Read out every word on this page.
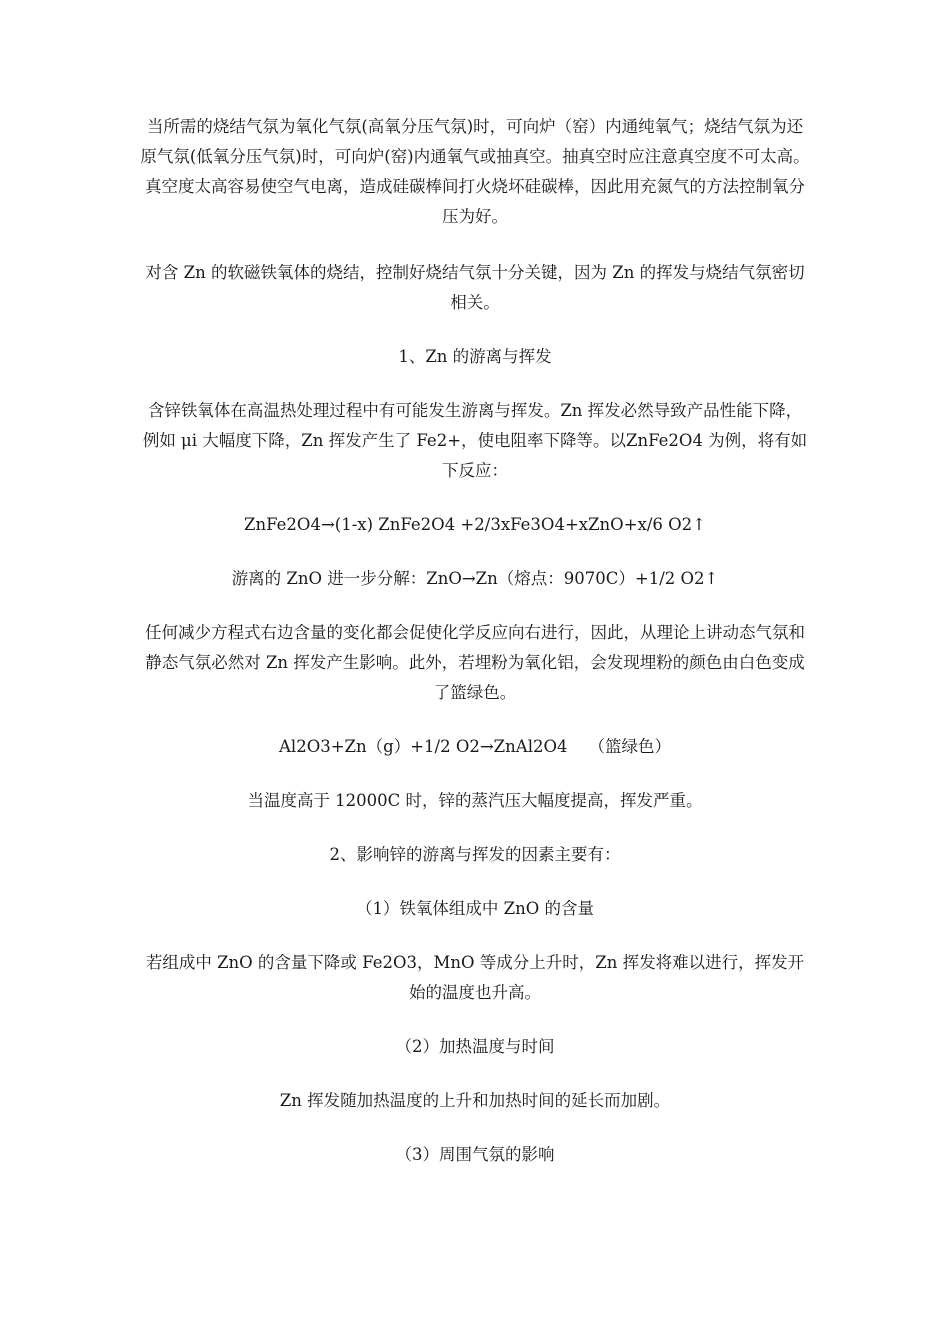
当所需的烧结气氛为氧化气氛(高氧分压气氛)时，可向炉（窑）内通纯氧气；烧结气氛为还原气氛(低氧分压气氛)时，可向炉(窑)内通氧气或抽真空。抽真空时应注意真空度不可太高。真空度太高容易使空气电离，造成硅碳棒间打火烧坏硅碳棒，因此用充氮气的方法控制氧分压为好。

对含 Zn 的软磁铁氧体的烧结，控制好烧结气氛十分关键，因为 Zn 的挥发与烧结气氛密切相关。

1、Zn 的游离与挥发

含锌铁氧体在高温热处理过程中有可能发生游离与挥发。Zn 挥发必然导致产品性能下降，例如 μi 大幅度下降，Zn 挥发产生了 Fe2+，使电阻率下降等。以ZnFe2O4 为例，将有如下反应：

ZnFe2O4→(1-x) ZnFe2O4 +2/3xFe3O4+xZnO+x/6 O2↑

游离的 ZnO 进一步分解：ZnO→Zn（熔点：9070C）+1/2 O2↑

任何减少方程式右边含量的变化都会促使化学反应向右进行，因此，从理论上讲动态气氛和静态气氛必然对 Zn 挥发产生影响。此外，若埋粉为氧化铝，会发现埋粉的颜色由白色变成了篮绿色。

Al2O3+Zn（g）+1/2 O2→ZnAl2O4    （篮绿色）

当温度高于 12000C 时，锌的蒸汽压大幅度提高，挥发严重。

2、影响锌的游离与挥发的因素主要有：

（1）铁氧体组成中 ZnO 的含量

若组成中 ZnO 的含量下降或 Fe2O3，MnO 等成分上升时，Zn 挥发将难以进行，挥发开始的温度也升高。

（2）加热温度与时间

Zn 挥发随加热温度的上升和加热时间的延长而加剧。

（3）周围气氛的影响
